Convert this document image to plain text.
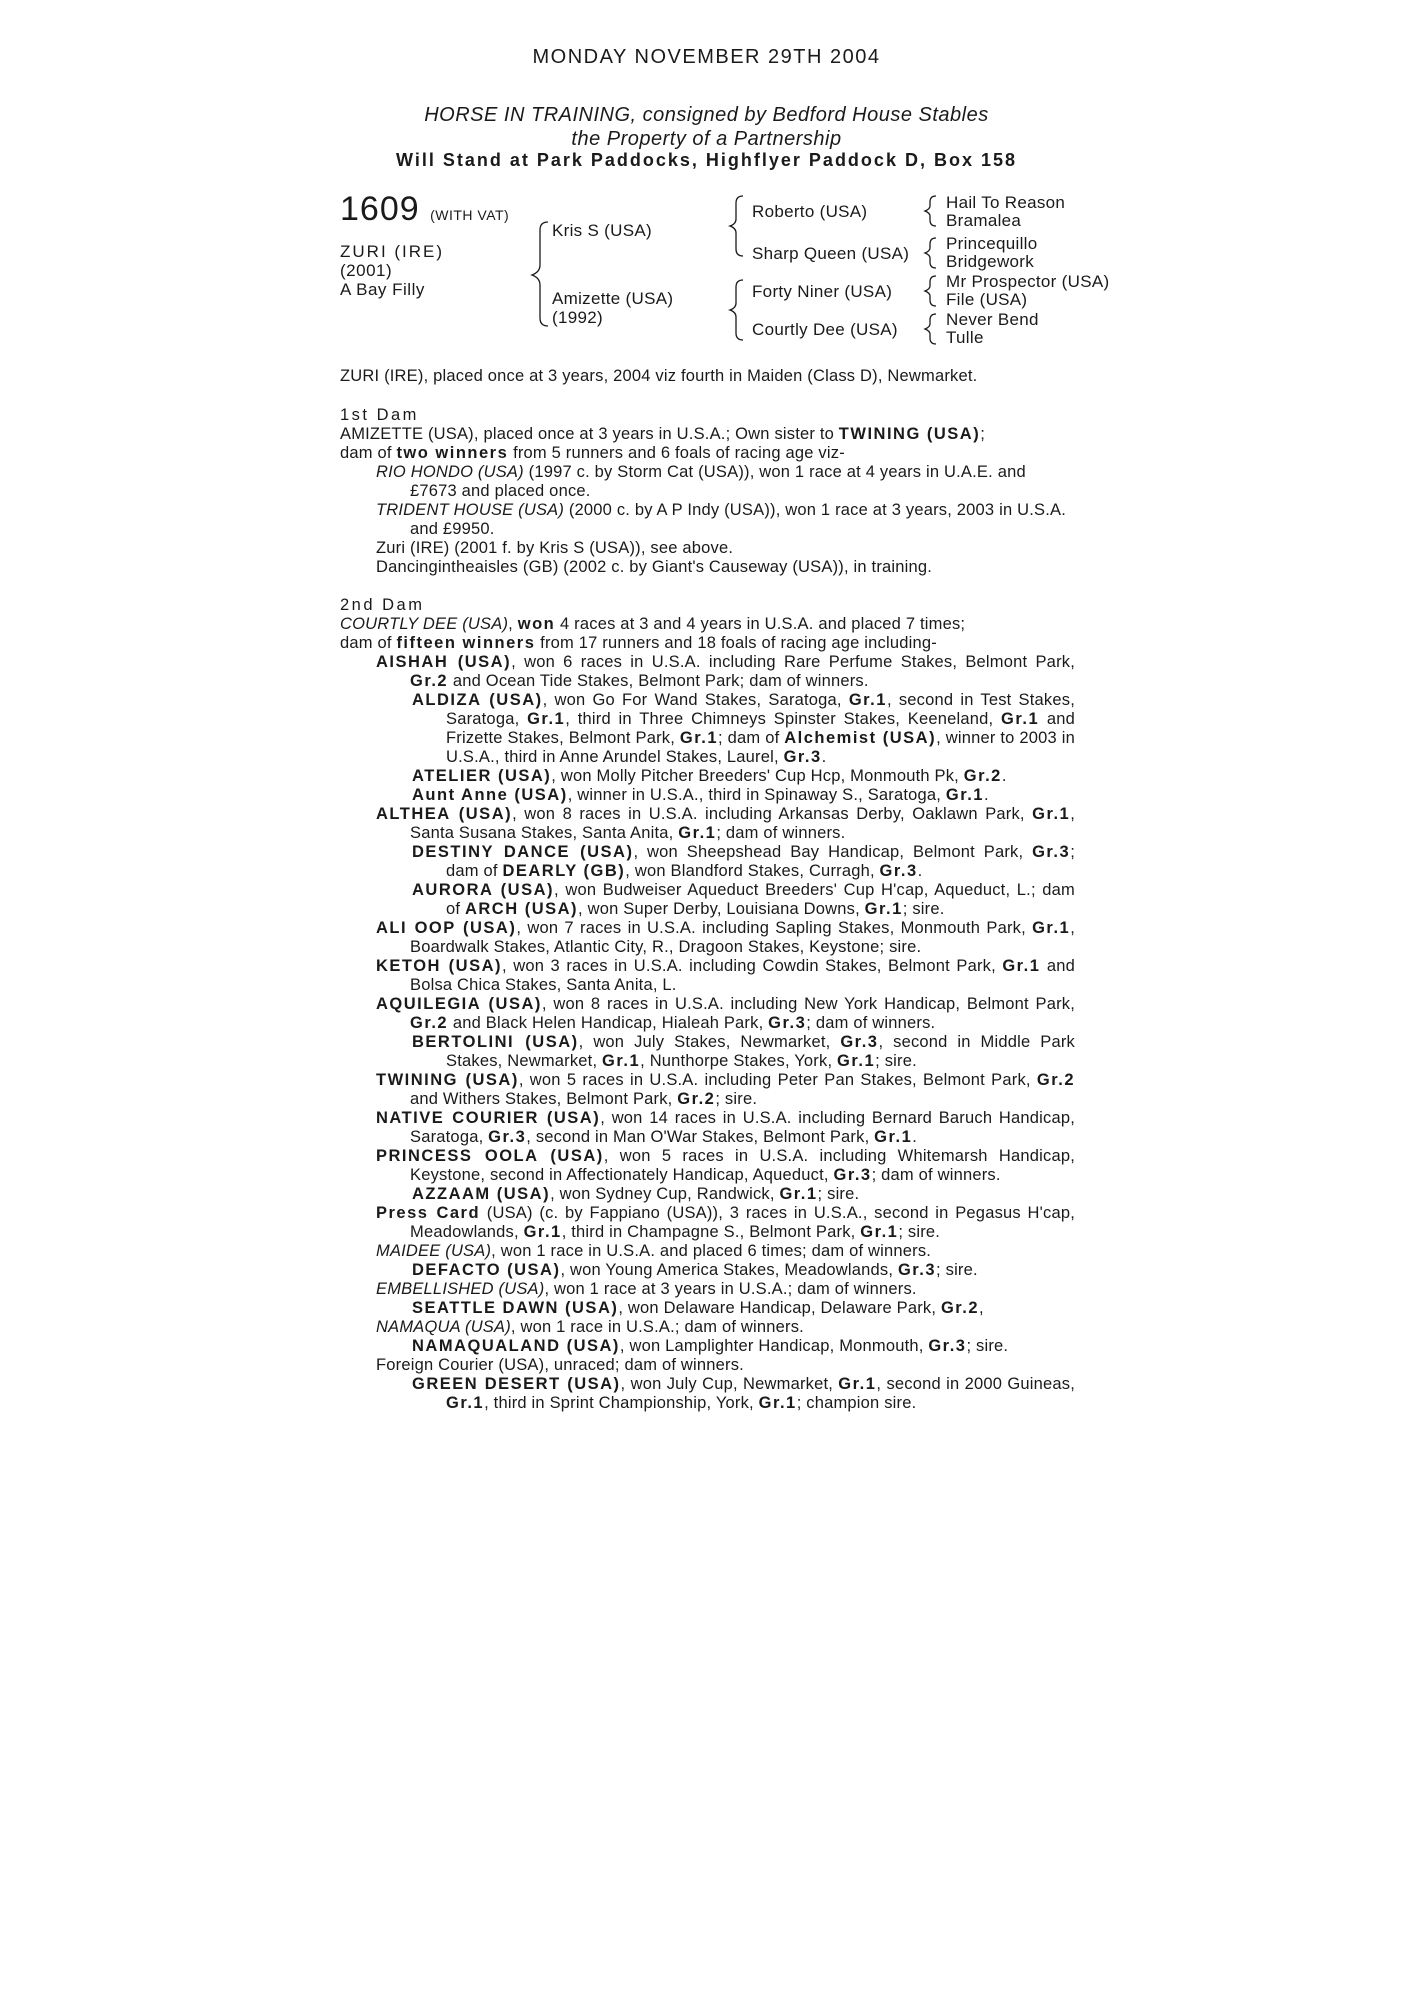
MONDAY NOVEMBER 29TH 2004
HORSE IN TRAINING, consigned by Bedford House Stables
the Property of a Partnership
Will Stand at Park Paddocks, Highflyer Paddock D, Box 158
1609 (WITH VAT)
ZURI (IRE)
(2001)
A Bay Filly
Kris S (USA)
Amizette (USA)
(1992)
Roberto (USA)
Sharp Queen (USA)
Forty Niner (USA)
Courtly Dee (USA)
Hail To Reason
Bramalea
Princequillo
Bridgework
Mr Prospector (USA)
File (USA)
Never Bend
Tulle
ZURI (IRE), placed once at 3 years, 2004 viz fourth in Maiden (Class D), Newmarket.

1st Dam

AMIZETTE (USA), placed once at 3 years in U.S.A.; Own sister to TWINING (USA);

dam of two winners from 5 runners and 6 foals of racing age viz-

RIO HONDO (USA) (1997 c. by Storm Cat (USA)), won 1 race at 4 years in U.A.E. and £7673 and placed once.

TRIDENT HOUSE (USA) (2000 c. by A P Indy (USA)), won 1 race at 3 years, 2003 in U.S.A. and £9950.

Zuri (IRE) (2001 f. by Kris S (USA)), see above.

Dancingintheaisles (GB) (2002 c. by Giant's Causeway (USA)), in training.

2nd Dam

COURTLY DEE (USA), won 4 races at 3 and 4 years in U.S.A. and placed 7 times;

dam of fifteen winners from 17 runners and 18 foals of racing age including-

AISHAH (USA), won 6 races in U.S.A. including Rare Perfume Stakes, Belmont Park, Gr.2 and Ocean Tide Stakes, Belmont Park; dam of winners.

ALDIZA (USA), won Go For Wand Stakes, Saratoga, Gr.1, second in Test Stakes, Saratoga, Gr.1, third in Three Chimneys Spinster Stakes, Keeneland, Gr.1 and Frizette Stakes, Belmont Park, Gr.1; dam of Alchemist (USA), winner to 2003 in U.S.A., third in Anne Arundel Stakes, Laurel, Gr.3.

ATELIER (USA), won Molly Pitcher Breeders' Cup Hcp, Monmouth Pk, Gr.2.

Aunt Anne (USA), winner in U.S.A., third in Spinaway S., Saratoga, Gr.1.

ALTHEA (USA), won 8 races in U.S.A. including Arkansas Derby, Oaklawn Park, Gr.1, Santa Susana Stakes, Santa Anita, Gr.1; dam of winners.

DESTINY DANCE (USA), won Sheepshead Bay Handicap, Belmont Park, Gr.3; dam of DEARLY (GB), won Blandford Stakes, Curragh, Gr.3.

AURORA (USA), won Budweiser Aqueduct Breeders' Cup H'cap, Aqueduct, L.; dam of ARCH (USA), won Super Derby, Louisiana Downs, Gr.1; sire.

ALI OOP (USA), won 7 races in U.S.A. including Sapling Stakes, Monmouth Park, Gr.1, Boardwalk Stakes, Atlantic City, R., Dragoon Stakes, Keystone; sire.

KETOH (USA), won 3 races in U.S.A. including Cowdin Stakes, Belmont Park, Gr.1 and Bolsa Chica Stakes, Santa Anita, L.

AQUILEGIA (USA), won 8 races in U.S.A. including New York Handicap, Belmont Park, Gr.2 and Black Helen Handicap, Hialeah Park, Gr.3; dam of winners.

BERTOLINI (USA), won July Stakes, Newmarket, Gr.3, second in Middle Park Stakes, Newmarket, Gr.1, Nunthorpe Stakes, York, Gr.1; sire.

TWINING (USA), won 5 races in U.S.A. including Peter Pan Stakes, Belmont Park, Gr.2 and Withers Stakes, Belmont Park, Gr.2; sire.

NATIVE COURIER (USA), won 14 races in U.S.A. including Bernard Baruch Handicap, Saratoga, Gr.3, second in Man O'War Stakes, Belmont Park, Gr.1.

PRINCESS OOLA (USA), won 5 races in U.S.A. including Whitemarsh Handicap, Keystone, second in Affectionately Handicap, Aqueduct, Gr.3; dam of winners.

AZZAAM (USA), won Sydney Cup, Randwick, Gr.1; sire.

Press Card (USA) (c. by Fappiano (USA)), 3 races in U.S.A., second in Pegasus H'cap, Meadowlands, Gr.1, third in Champagne S., Belmont Park, Gr.1; sire.

MAIDEE (USA), won 1 race in U.S.A. and placed 6 times; dam of winners.

DEFACTO (USA), won Young America Stakes, Meadowlands, Gr.3; sire.

EMBELLISHED (USA), won 1 race at 3 years in U.S.A.; dam of winners.

SEATTLE DAWN (USA), won Delaware Handicap, Delaware Park, Gr.2,

NAMAQUA (USA), won 1 race in U.S.A.; dam of winners.

NAMAQUALAND (USA), won Lamplighter Handicap, Monmouth, Gr.3; sire.

Foreign Courier (USA), unraced; dam of winners.

GREEN DESERT (USA), won July Cup, Newmarket, Gr.1, second in 2000 Guineas, Gr.1, third in Sprint Championship, York, Gr.1; champion sire.
